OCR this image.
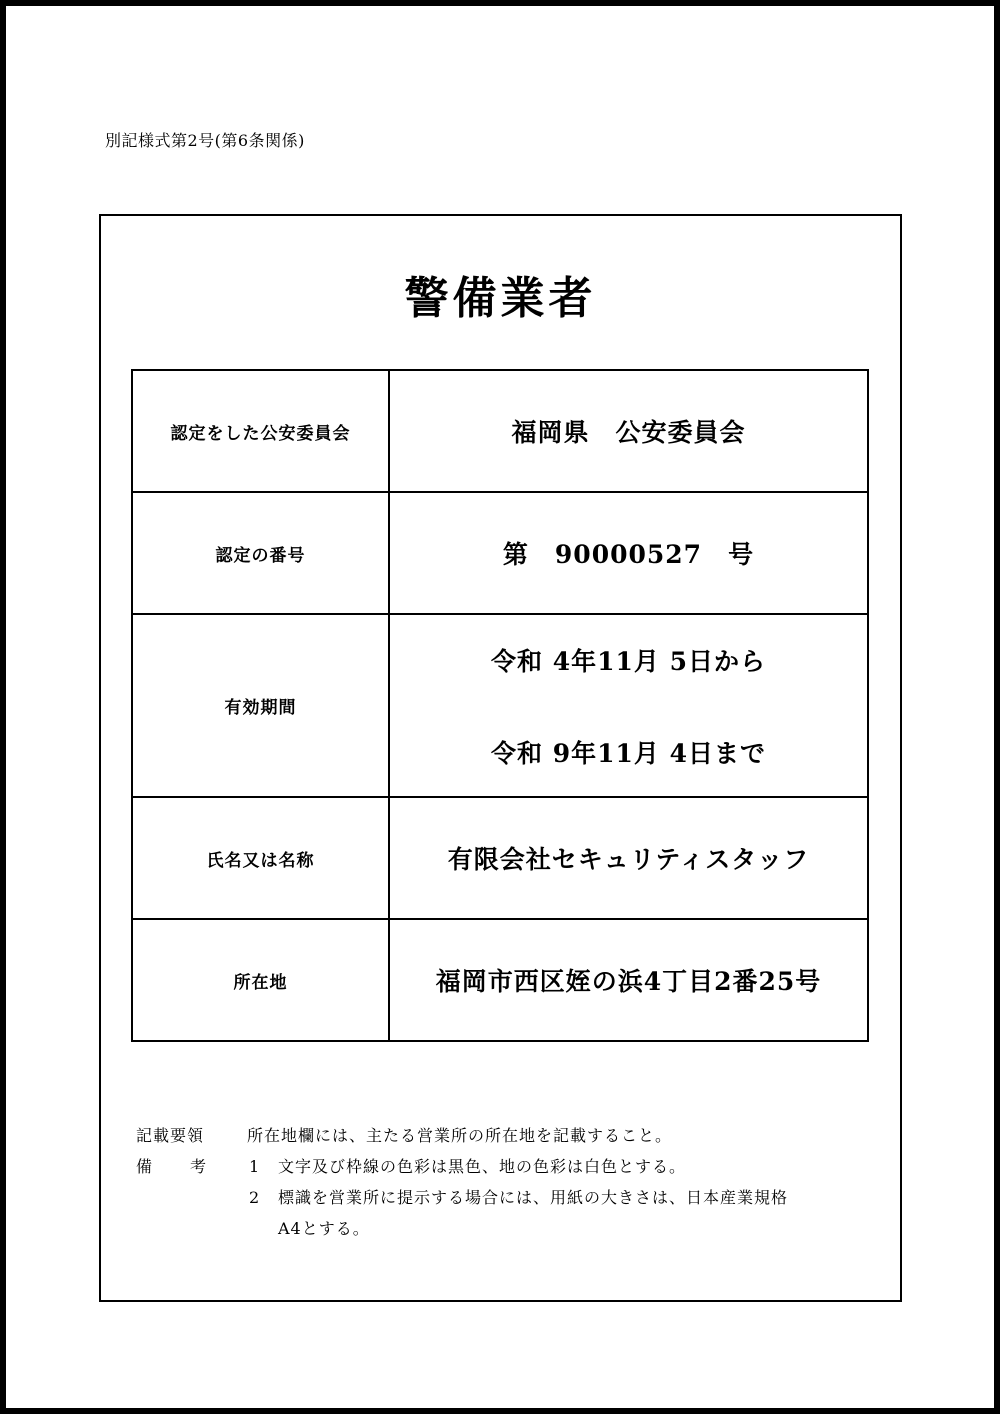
別記様式第2号(第6条関係)
警備業者
認定をした公安委員会	福岡県　公安委員会
認定の番号	第　90000527　号
有効期間	令和 4年11月 5日から
令和 9年11月 4日まで

氏名又は名称	有限会社セキュリティスタッフ
所在地	福岡市西区姪の浜4丁目2番25号
記載要領	所在地欄には、主たる営業所の所在地を記載すること。
備 考	1 文字及び枠線の色彩は黒色、地の色彩は白色とする。
2 標識を営業所に提示する場合には、用紙の大きさは、日本産業規格
A4とする。
